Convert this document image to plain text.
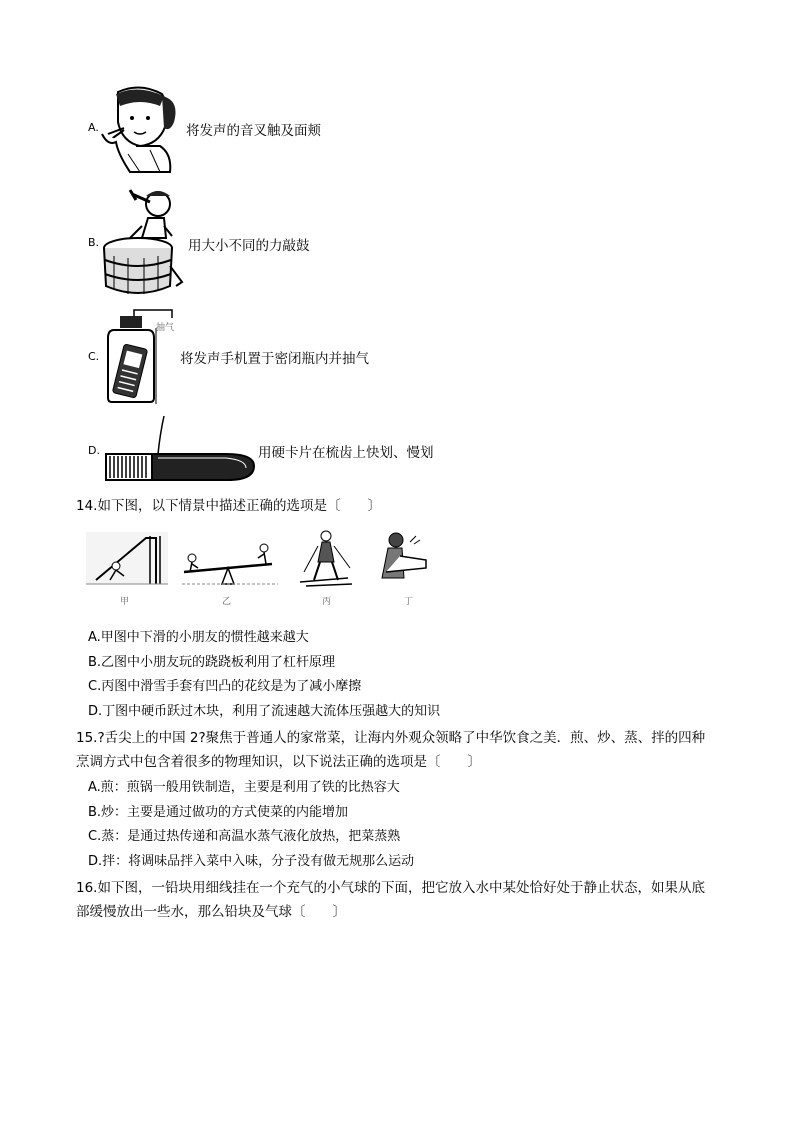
A.	将发声的音叉触及面颊
B.	用大小不同的力敲鼓
C.
抽气
将发声手机置于密闭瓶内并抽气
D.	用硬卡片在梳齿上快划、慢划
14.如下图，以下情景中描述正确的选项是〔　　〕
甲	乙	丙	丁
A.甲图中下滑的小朋友的惯性越来越大
B.乙图中小朋友玩的跷跷板利用了杠杆原理
C.丙图中滑雪手套有凹凸的花纹是为了减小摩擦
D.丁图中硬币跃过木块，利用了流速越大流体压强越大的知识
15.?舌尖上的中国 2?聚焦于普通人的家常菜，让海内外观众领略了中华饮食之美．煎、炒、蒸、拌的四种
烹调方式中包含着很多的物理知识，以下说法正确的选项是〔　　〕
A.煎：煎锅一般用铁制造，主要是利用了铁的比热容大
B.炒：主要是通过做功的方式使菜的内能增加
C.蒸：是通过热传递和高温水蒸气液化放热，把菜蒸熟
D.拌：将调味品拌入菜中入味，分子没有做无规那么运动
16.如下图，一铅块用细线挂在一个充气的小气球的下面，把它放入水中某处恰好处于静止状态，如果从底
部缓慢放出一些水，那么铅块及气球〔　　〕
